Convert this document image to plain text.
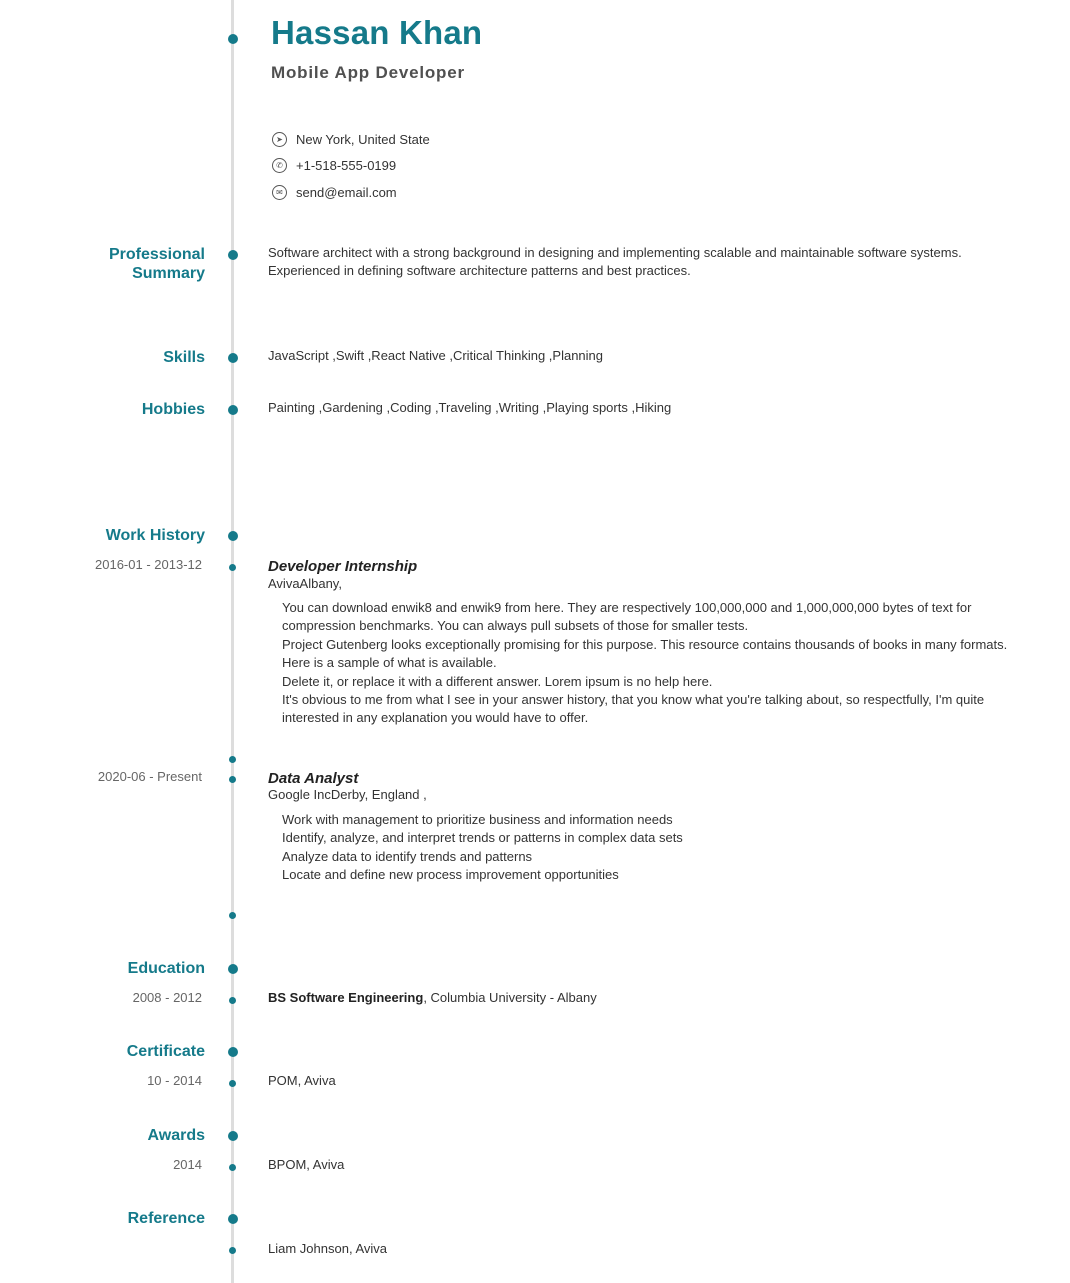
Hassan Khan
Mobile App Developer
➤	New York, United State
✆	+1-518-555-0199
✉	send@email.com
Professional
Summary
Software architect with a strong background in designing and implementing scalable and maintainable software systems.
Experienced in defining software architecture patterns and best practices.
Skills	JavaScript ,Swift ,React Native ,Critical Thinking ,Planning
Hobbies	Painting ,Gardening ,Coding ,Traveling ,Writing ,Playing sports ,Hiking
Work History
2016-01 - 2013-12	Developer Internship
AvivaAlbany,
You can download enwik8 and enwik9 from here. They are respectively 100,000,000 and 1,000,000,000 bytes of text for
compression benchmarks. You can always pull subsets of those for smaller tests.
Project Gutenberg looks exceptionally promising for this purpose. This resource contains thousands of books in many formats.
Here is a sample of what is available.
Delete it, or replace it with a different answer. Lorem ipsum is no help here.
It's obvious to me from what I see in your answer history, that you know what you're talking about, so respectfully, I'm quite
interested in any explanation you would have to offer.
2020-06 - Present	Data Analyst
Google IncDerby, England ,
Work with management to prioritize business and information needs
Identify, analyze, and interpret trends or patterns in complex data sets
Analyze data to identify trends and patterns
Locate and define new process improvement opportunities
Education
2008 - 2012	BS Software Engineering, Columbia University - Albany
Certificate
10 - 2014	POM, Aviva
Awards
2014	BPOM, Aviva
Reference
Liam Johnson, Aviva
